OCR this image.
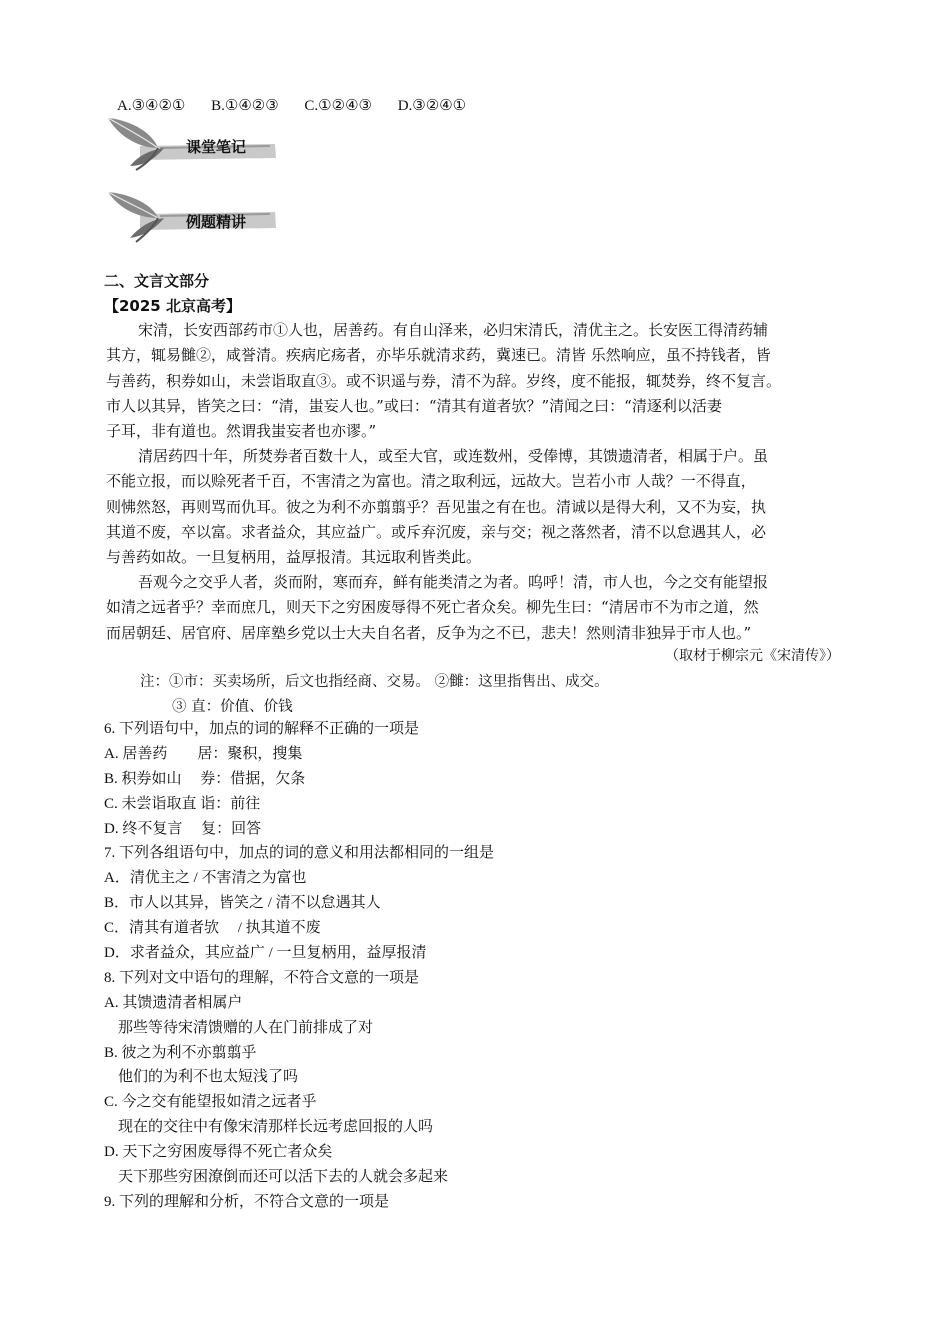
A.③④②① B.①④②③ C.①②④③ D.③②④①
课堂笔记
例题精讲
二、文言文部分
【2025 北京高考】
宋清，长安西部药市①人也，居善药。有自山泽来，必归宋清氏，清优主之。长安医工得清药辅
其方，辄易雠②，咸誉清。疾病庀疡者，亦毕乐就清求药，冀速已。清皆 乐然响应，虽不持钱者，皆
与善药，积券如山，未尝诣取直③。或不识遥与券，清不为辞。岁终，度不能报，辄焚券，终不复言。
市人以其异，皆笑之曰：“清，蚩妄人也。”或曰：“清其有道者欤？”清闻之曰：“清逐利以活妻
子耳，非有道也。然谓我蚩妄者也亦谬。”
清居药四十年，所焚券者百数十人，或至大官，或连数州，受俸博，其馈遗清者，相属于户。虽
不能立报，而以赊死者千百，不害清之为富也。清之取利远，远故大。岂若小市 人哉？一不得直，
则怫然怒，再则骂而仇耳。彼之为利不亦翦翦乎？吾见蚩之有在也。清诚以是得大利，又不为妄，执
其道不废，卒以富。求者益众，其应益广。或斥弃沉废，亲与交；视之落然者，清不以怠遇其人，必
与善药如故。一旦复柄用，益厚报清。其远取利皆类此。
吾观今之交乎人者，炎而附，寒而弃，鲜有能类清之为者。呜呼！清，市人也，今之交有能望报
如清之远者乎？幸而庶几，则天下之穷困废辱得不死亡者众矣。柳先生曰：“清居市不为市之道，然
而居朝廷、居官府、居庠塾乡党以士大夫自名者，反争为之不已，悲夫！然则清非独异于市人也。”
（取材于柳宗元《宋清传》）
注：①市：买卖场所，后文也指经商、交易。 ②雠：这里指售出、成交。
③ 直：价值、价钱
6. 下列语句中，加点的词的解释不正确的一项是
A. 居善药　　居：聚积，搜集
B. 积券如山　 券：借据，欠条
C. 未尝诣取直 诣：前往
D. 终不复言　 复：回答
7. 下列各组语句中，加点的词的意义和用法都相同的一组是
A．清优主之 / 不害清之为富也
B．市人以其异，皆笑之 / 清不以怠遇其人
C．清其有道者欤　 / 执其道不废
D．求者益众，其应益广 / 一旦复柄用，益厚报清
8. 下列对文中语句的理解，不符合文意的一项是
A. 其馈遗清者相属户
那些等待宋清馈赠的人在门前排成了对
B. 彼之为利不亦翦翦乎
他们的为利不也太短浅了吗
C. 今之交有能望报如清之远者乎
现在的交往中有像宋清那样长远考虑回报的人吗
D. 天下之穷困废辱得不死亡者众矣
天下那些穷困潦倒而还可以活下去的人就会多起来
9. 下列的理解和分析，不符合文意的一项是
